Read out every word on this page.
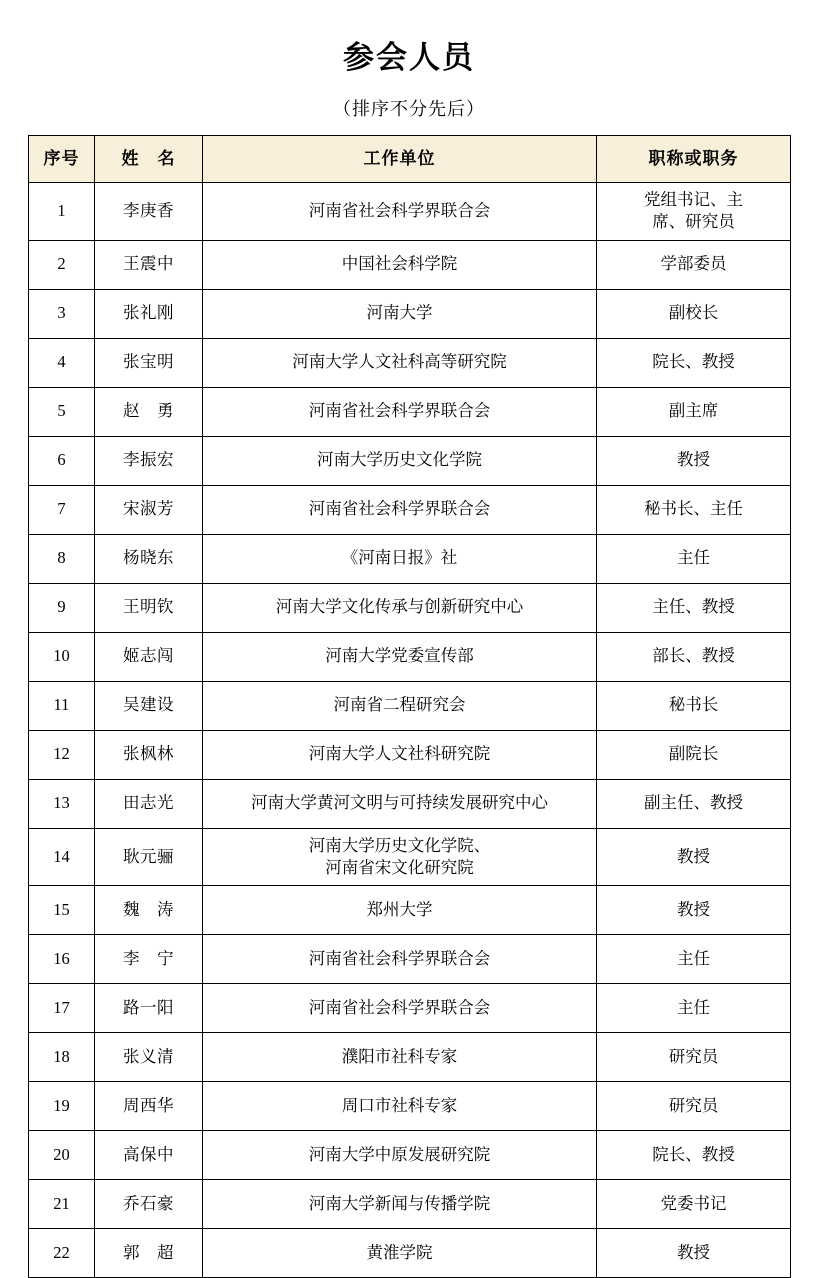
参会人员
（排序不分先后）
序号	姓　名	工作单位	职称或职务
1	李庚香	河南省社会科学界联合会	党组书记、主
席、研究员

2	王震中	中国社会科学院	学部委员
3	张礼刚	河南大学	副校长
4	张宝明	河南大学人文社科高等研究院	院长、教授
5	赵　勇	河南省社会科学界联合会	副主席
6	李振宏	河南大学历史文化学院	教授
7	宋淑芳	河南省社会科学界联合会	秘书长、主任
8	杨晓东	《河南日报》社	主任
9	王明钦	河南大学文化传承与创新研究中心	主任、教授
10	姬志闯	河南大学党委宣传部	部长、教授
11	吴建设	河南省二程研究会	秘书长
12	张枫林	河南大学人文社科研究院	副院长
13	田志光	河南大学黄河文明与可持续发展研究中心	副主任、教授
14	耿元骊	河南大学历史文化学院、
河南省宋文化研究院	教授
15	魏　涛	郑州大学	教授
16	李　宁	河南省社会科学界联合会	主任
17	路一阳	河南省社会科学界联合会	主任
18	张义清	濮阳市社科专家	研究员
19	周西华	周口市社科专家	研究员
20	高保中	河南大学中原发展研究院	院长、教授
21	乔石豪	河南大学新闻与传播学院	党委书记
22	郭　超	黄淮学院	教授
